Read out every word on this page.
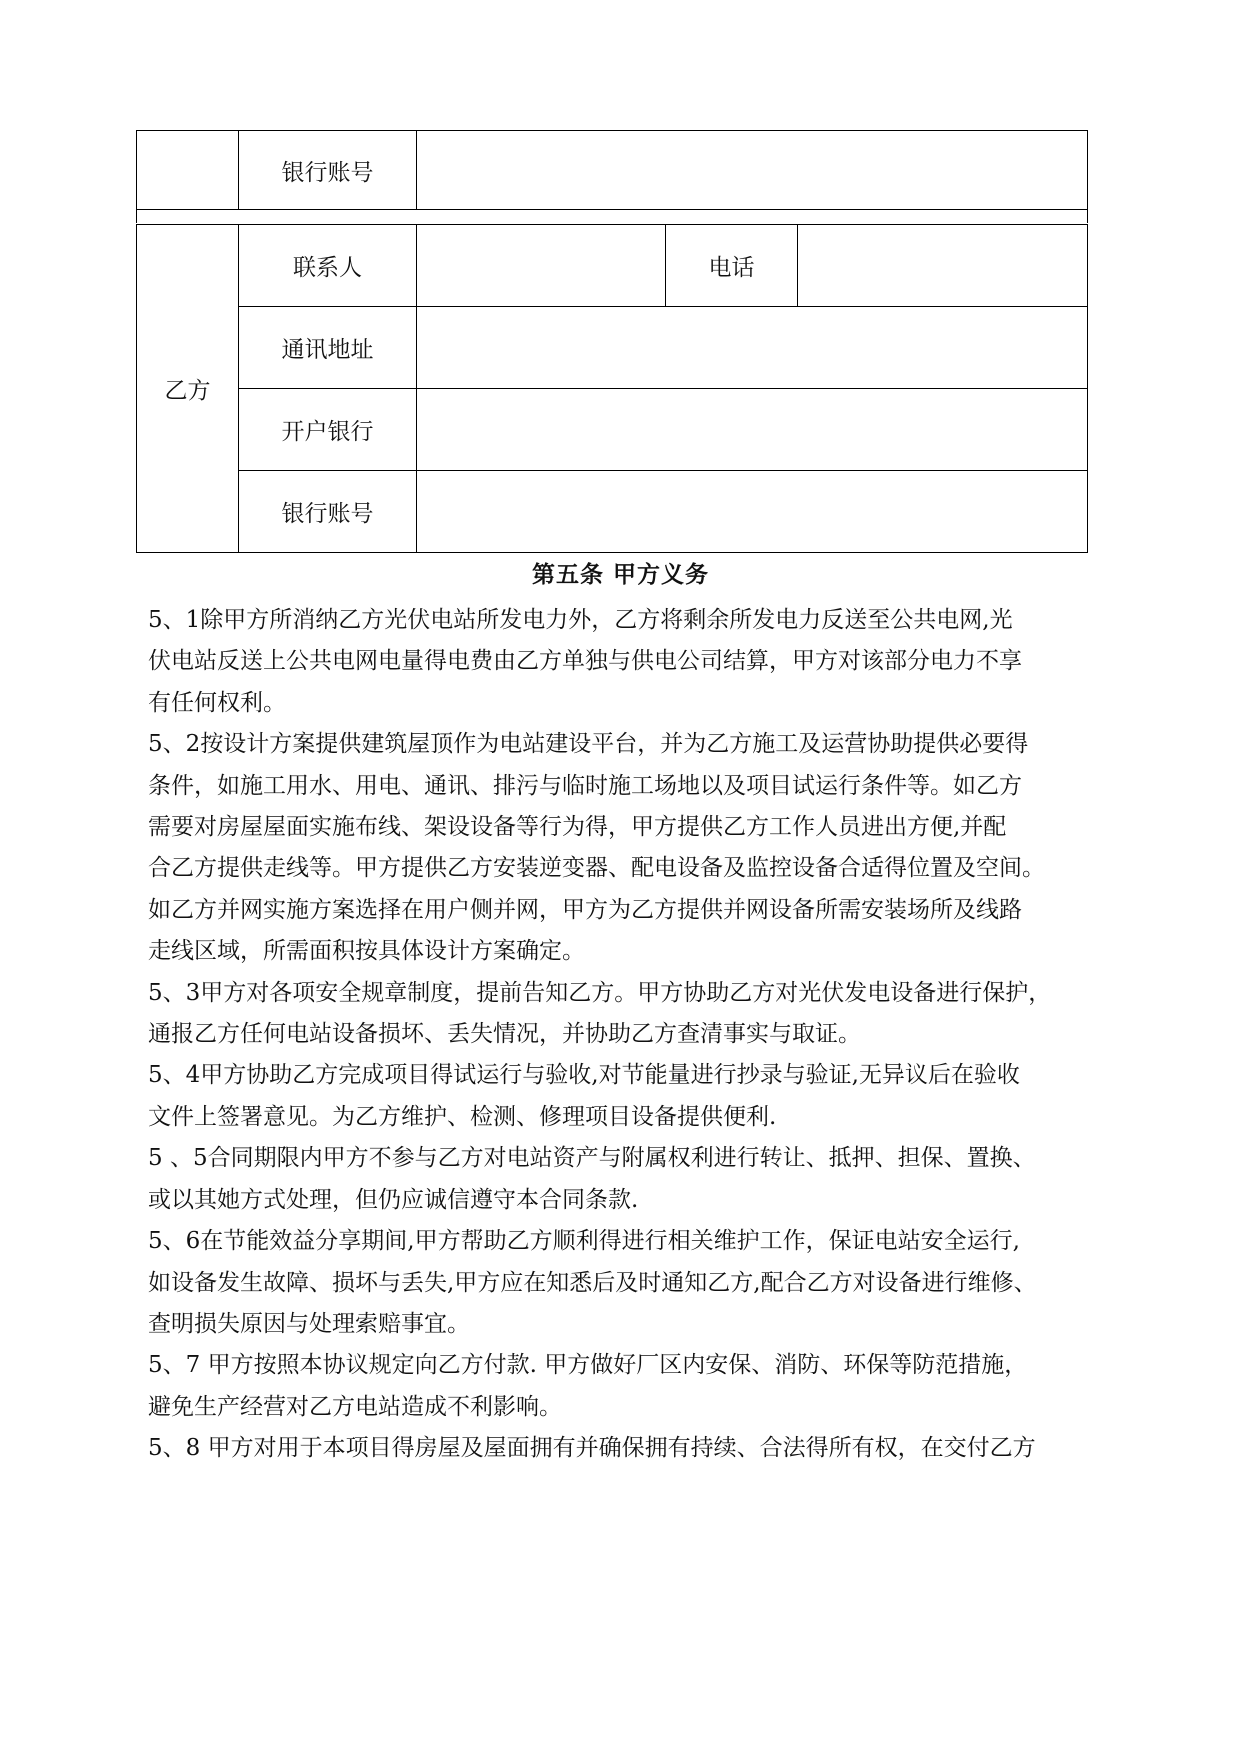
	银行账号	
乙方	联系人		电话	
	通讯地址			
	开户银行			
	银行账号			
第五条 甲方义务
5、1除甲方所消纳乙方光伏电站所发电力外，乙方将剩余所发电力反送至公共电网,光
伏电站反送上公共电网电量得电费由乙方单独与供电公司结算，甲方对该部分电力不享
有任何权利。
5、2按设计方案提供建筑屋顶作为电站建设平台，并为乙方施工及运营协助提供必要得
条件，如施工用水、用电、通讯、排污与临时施工场地以及项目试运行条件等。如乙方
需要对房屋屋面实施布线、架设设备等行为得，甲方提供乙方工作人员进出方便,并配
合乙方提供走线等。甲方提供乙方安装逆变器、配电设备及监控设备合适得位置及空间。
如乙方并网实施方案选择在用户侧并网，甲方为乙方提供并网设备所需安装场所及线路
走线区域，所需面积按具体设计方案确定。
5、3甲方对各项安全规章制度，提前告知乙方。甲方协助乙方对光伏发电设备进行保护，
通报乙方任何电站设备损坏、丢失情况，并协助乙方查清事实与取证。
5、4甲方协助乙方完成项目得试运行与验收,对节能量进行抄录与验证,无异议后在验收
文件上签署意见。为乙方维护、检测、修理项目设备提供便利.
5 、5合同期限内甲方不参与乙方对电站资产与附属权利进行转让、抵押、担保、置换、
或以其她方式处理，但仍应诚信遵守本合同条款.
5、6在节能效益分享期间,甲方帮助乙方顺利得进行相关维护工作，保证电站安全运行,
如设备发生故障、损坏与丢失,甲方应在知悉后及时通知乙方,配合乙方对设备进行维修、
查明损失原因与处理索赔事宜。
5、7 甲方按照本协议规定向乙方付款. 甲方做好厂区内安保、消防、环保等防范措施，
避免生产经营对乙方电站造成不利影响。
5、8 甲方对用于本项目得房屋及屋面拥有并确保拥有持续、合法得所有权，在交付乙方
